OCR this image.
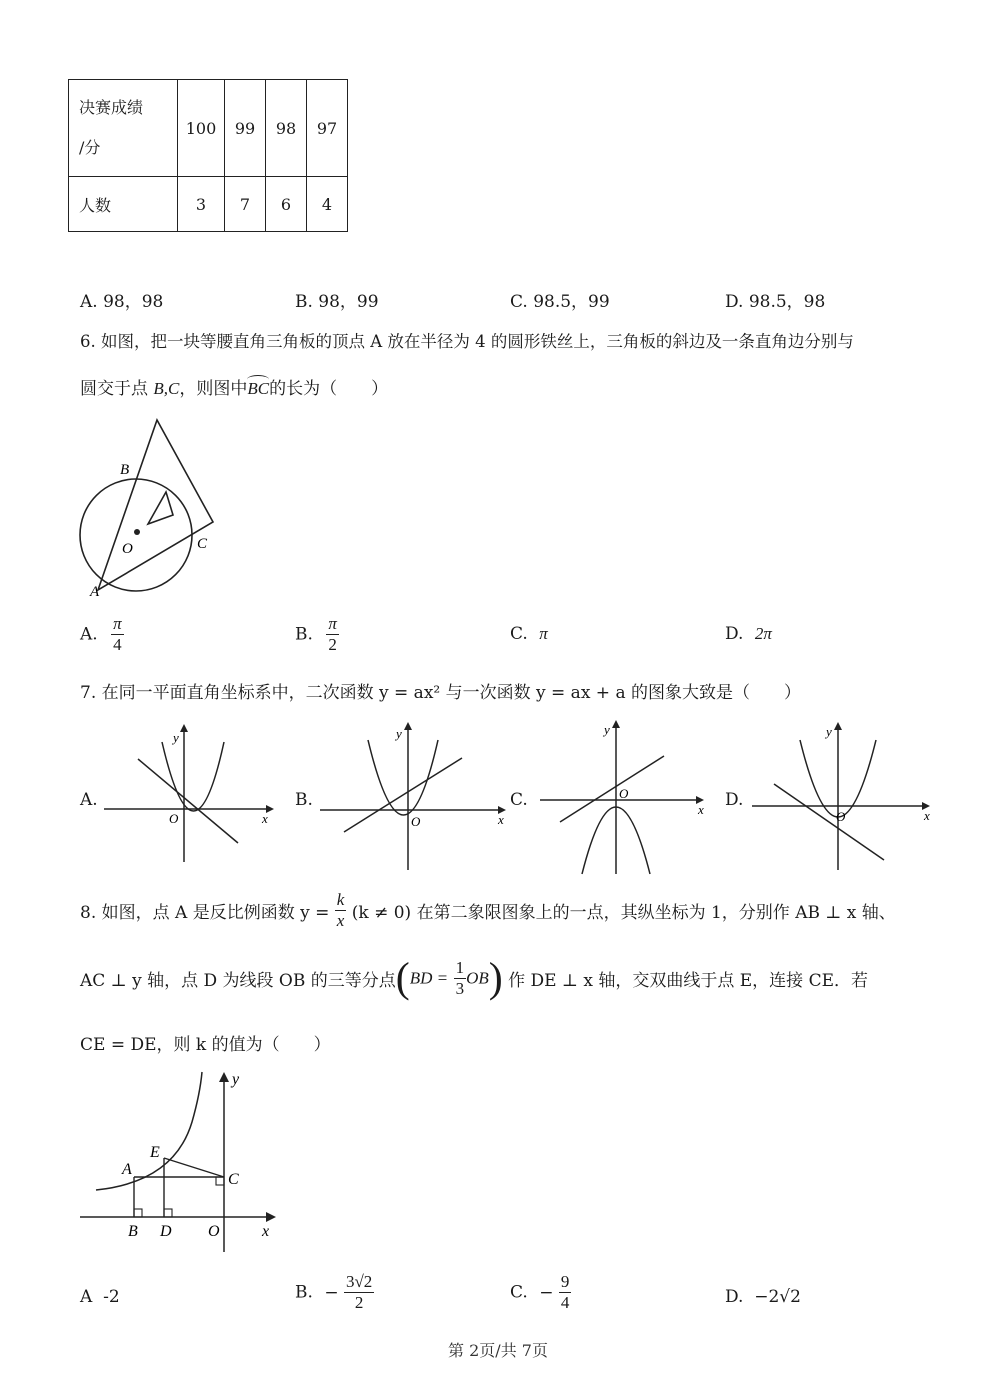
决赛成绩
/分	100	99	98	97
人数	3	7	6	4
A. 98，98	B. 98，99	C. 98.5，99	D. 98.5，98
6. 如图，把一块等腰直角三角板的顶点 A 放在半径为 4 的圆形铁丝上，三角板的斜边及一条直角边分别与
圆交于点 B,C，则图中
BC的长为（　　）
B
O	C
A
A. $\frac{\pi}{4}$	B. $\frac{\pi}{2}$	C. π	D. 2π
7. 在同一平面直角坐标系中，二次函数 y = ax² 与一次函数 y = ax + a 的图象大致是（　　）
A.	B.	C.	D.
y
O	x
y
O	x
y
O
x
y
O	x
8. 如图，点 A 是反比例函数 $y = \frac{k}{x} (k \ne 0)$ 在第二象限图象上的一点，其纵坐标为 1，分别作 AB ⊥ x 轴、
AC ⊥ y 轴，点 D 为线段 OB 的三等分点$(BD = \frac{1}{3} OB)$ 作 DE ⊥ x 轴，交双曲线于点 E，连接 CE．若
CE = DE，则 k 的值为（　　）
y
E
A
C
B D O	x
A -2	B. − $\frac{3√2}{2}$	C. − $\frac{9}{4}$	D. −2√2
第 2页/共 7页
